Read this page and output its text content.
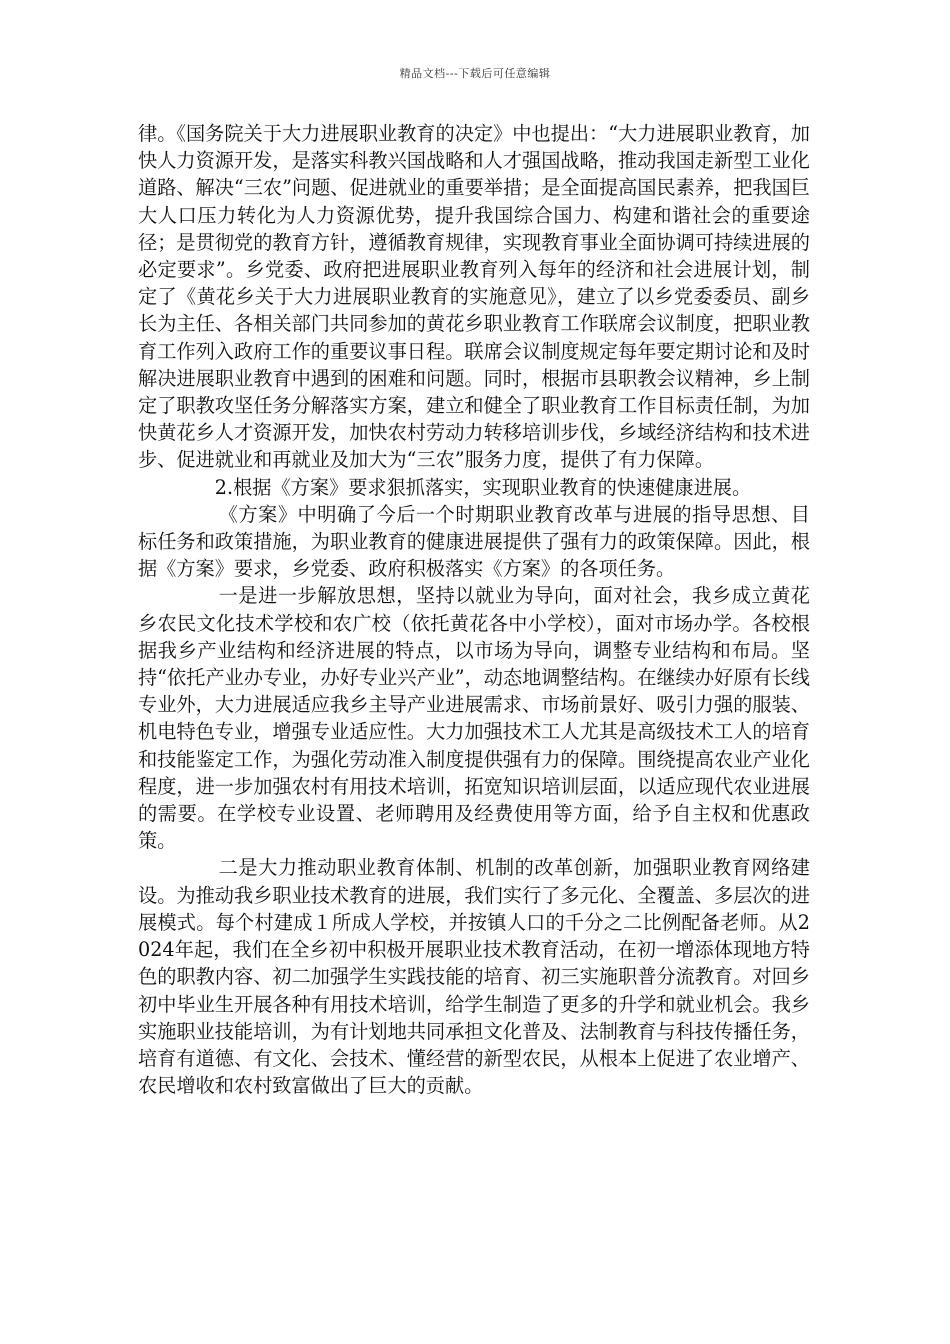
精品文档---下载后可任意编辑

律。《国务院关于大力进展职业教育的决定》中也提出：“大力进展职业教育，加快人力资源开发，是落实科教兴国战略和人才强国战略，推动我国走新型工业化道路、解决“三农”问题、促进就业的重要举措；是全面提高国民素养，把我国巨大人口压力转化为人力资源优势，提升我国综合国力、构建和谐社会的重要途径；是贯彻党的教育方针，遵循教育规律，实现教育事业全面协调可持续进展的必定要求”。乡党委、政府把进展职业教育列入每年的经济和社会进展计划，制定了《黄花乡关于大力进展职业教育的实施意见》，建立了以乡党委委员、副乡长为主任、各相关部门共同参加的黄花乡职业教育工作联席会议制度，把职业教育工作列入政府工作的重要议事日程。联席会议制度规定每年要定期讨论和及时解决进展职业教育中遇到的困难和问题。同时，根据市县职教会议精神，乡上制定了职教攻坚任务分解落实方案，建立和健全了职业教育工作目标责任制，为加快黄花乡人才资源开发，加快农村劳动力转移培训步伐，乡域经济结构和技术进步、促进就业和再就业及加大为“三农”服务力度，提供了有力保障。

2.根据《方案》要求狠抓落实，实现职业教育的快速健康进展。

《方案》中明确了今后一个时期职业教育改革与进展的指导思想、目标任务和政策措施，为职业教育的健康进展提供了强有力的政策保障。因此，根据《方案》要求，乡党委、政府积极落实《方案》的各项任务。

一是进一步解放思想，坚持以就业为导向，面对社会，我乡成立黄花乡农民文化技术学校和农广校（依托黄花各中小学校），面对市场办学。各校根据我乡产业结构和经济进展的特点，以市场为导向，调整专业结构和布局。坚持“依托产业办专业，办好专业兴产业”，动态地调整结构。在继续办好原有长线专业外，大力进展适应我乡主导产业进展需求、市场前景好、吸引力强的服装、机电特色专业，增强专业适应性。大力加强技术工人尤其是高级技术工人的培育和技能鉴定工作，为强化劳动准入制度提供强有力的保障。围绕提高农业产业化程度，进一步加强农村有用技术培训，拓宽知识培训层面，以适应现代农业进展的需要。在学校专业设置、老师聘用及经费使用等方面，给予自主权和优惠政策。

二是大力推动职业教育体制、机制的改革创新，加强职业教育网络建设。为推动我乡职业技术教育的进展，我们实行了多元化、全覆盖、多层次的进展模式。每个村建成１所成人学校，并按镇人口的千分之二比例配备老师。从2024年起，我们在全乡初中积极开展职业技术教育活动，在初一增添体现地方特色的职教内容、初二加强学生实践技能的培育、初三实施职普分流教育。对回乡初中毕业生开展各种有用技术培训，给学生制造了更多的升学和就业机会。我乡实施职业技能培训，为有计划地共同承担文化普及、法制教育与科技传播任务，培育有道德、有文化、会技术、懂经营的新型农民，从根本上促进了农业增产、农民增收和农村致富做出了巨大的贡献。
